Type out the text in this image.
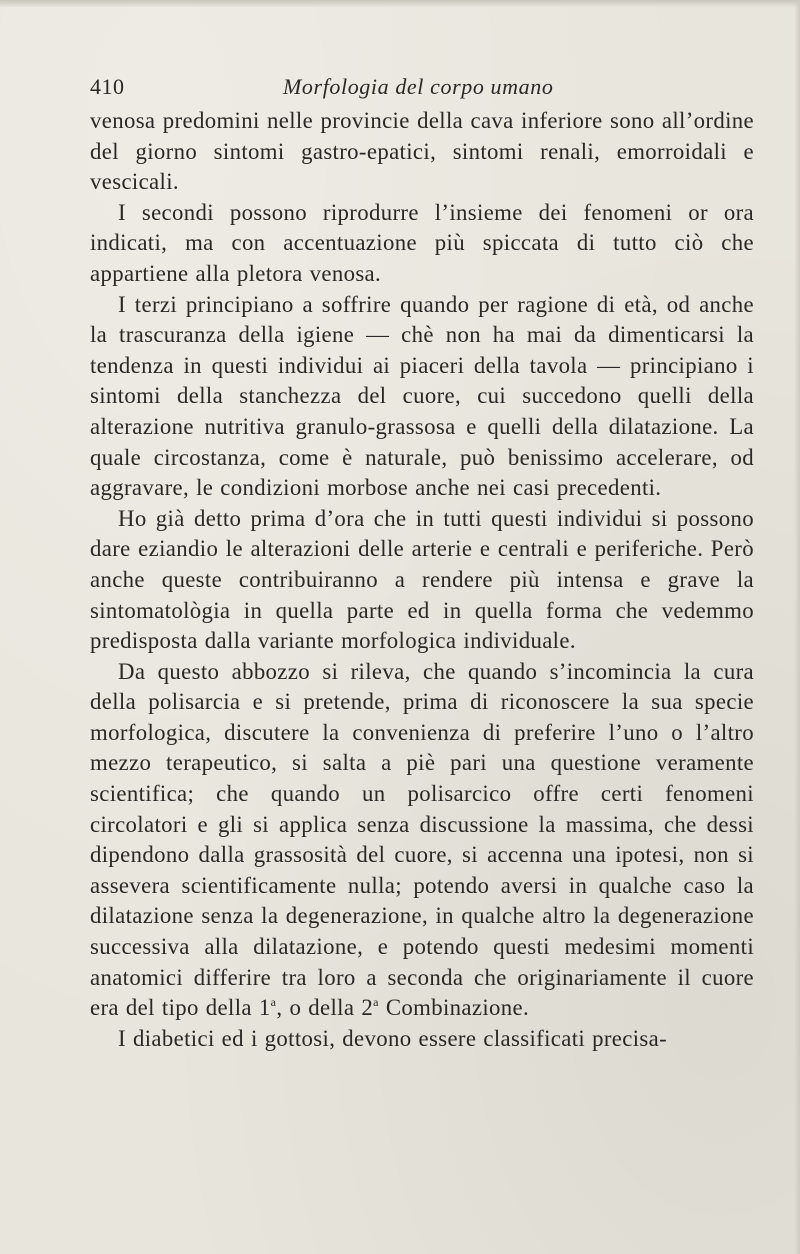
410	Morfologia del corpo umano

venosa predomini nelle provincie della cava inferiore sono all’ordine del giorno sintomi gastro-epatici, sintomi renali, emorroidali e vescicali.

I secondi possono riprodurre l’insieme dei fenomeni or ora indicati, ma con accentuazione più spiccata di tutto ciò che appartiene alla pletora venosa.

I terzi principiano a soffrire quando per ragione di età, od anche la trascuranza della igiene — chè non ha mai da dimenticarsi la tendenza in questi individui ai piaceri della tavola — principiano i sintomi della stanchezza del cuore, cui succedono quelli della alterazione nutritiva granulo-grassosa e quelli della dilatazione. La quale circostanza, come è naturale, può benissimo accelerare, od aggravare, le condizioni morbose anche nei casi precedenti.

Ho già detto prima d’ora che in tutti questi individui si possono dare eziandio le alterazioni delle arterie e centrali e periferiche. Però anche queste contribuiranno a rendere più intensa e grave la sintomatològia in quella parte ed in quella forma che vedemmo predisposta dalla variante morfologica individuale.

Da questo abbozzo si rileva, che quando s’incomincia la cura della polisarcia e si pretende, prima di riconoscere la sua specie morfologica, discutere la convenienza di preferire l’uno o l’altro mezzo terapeutico, si salta a piè pari una questione veramente scientifica; che quando un polisarcico offre certi fenomeni circolatori e gli si applica senza discussione la massima, che dessi dipendono dalla grassosità del cuore, si accenna una ipotesi, non si assevera scientificamente nulla; potendo aversi in qualche caso la dilatazione senza la degenerazione, in qualche altro la degenerazione successiva alla dilatazione, e potendo questi medesimi momenti anatomici differire tra loro a seconda che originariamente il cuore era del tipo della 1$^a$, o della 2$^a$ Combinazione.

I diabetici ed i gottosi, devono essere classificati precisa-
